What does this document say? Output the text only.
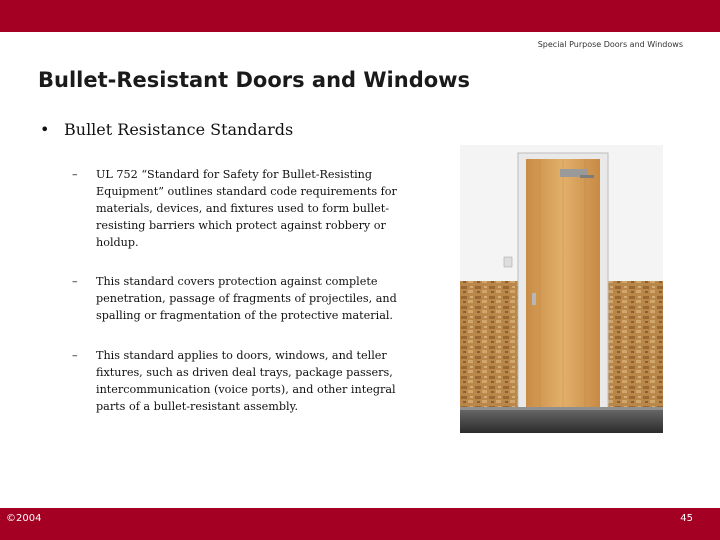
Special Purpose Doors and Windows
Bullet-Resistant Doors and Windows
• Bullet Resistance Standards
– UL 752 “Standard for Safety for Bullet-Resisting Equipment” outlines standard code requirements for materials, devices, and fixtures used to form bullet-resisting barriers which protect against robbery or holdup.
– This standard covers protection against complete penetration, passage of fragments of projectiles, and spalling or fragmentation of the protective material.
– This standard applies to doors, windows, and teller fixtures, such as driven deal trays, package passers, intercommunication (voice ports), and other integral parts of a bullet-resistant assembly.
©2004	45
